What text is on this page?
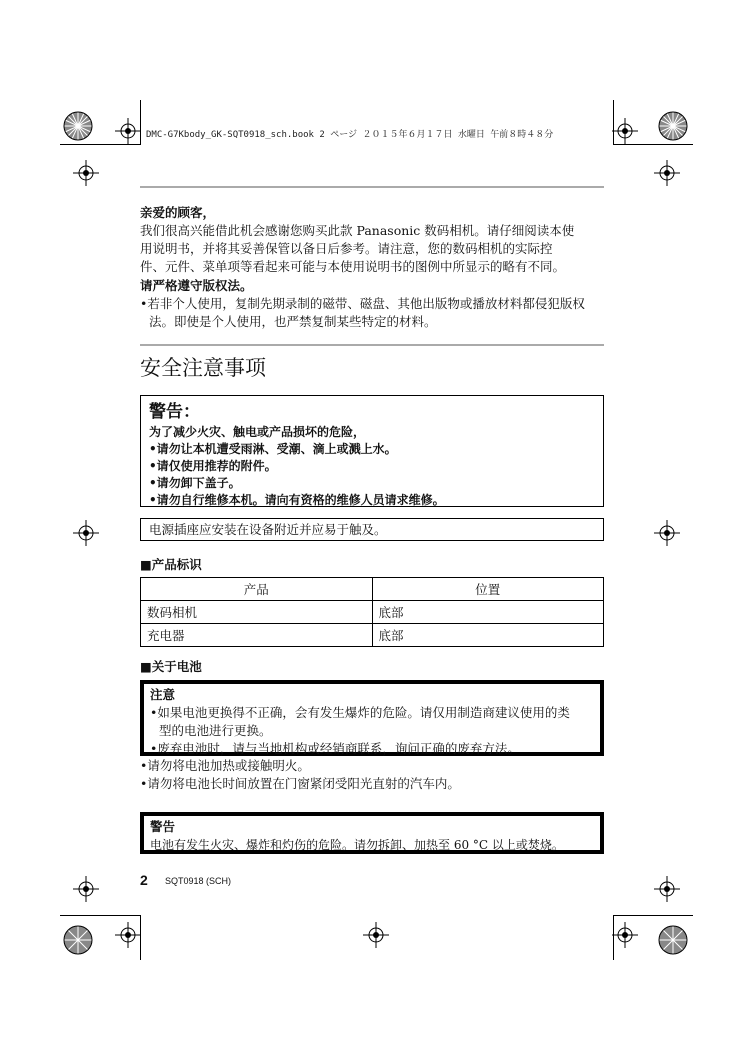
DMC-G7Kbody_GK-SQT0918_sch.book 2 ページ ２０１５年６月１７日 水曜日 午前８時４８分
亲爱的顾客，
我们很高兴能借此机会感谢您购买此款 Panasonic 数码相机。请仔细阅读本使
用说明书，并将其妥善保管以备日后参考。请注意，您的数码相机的实际控
件、元件、菜单项等看起来可能与本使用说明书的图例中所显示的略有不同。
请严格遵守版权法。
•若非个人使用，复制先期录制的磁带、磁盘、其他出版物或播放材料都侵犯版权
法。即使是个人使用，也严禁复制某些特定的材料。
安全注意事项
警告：
为了减少火灾、触电或产品损坏的危险，
•请勿让本机遭受雨淋、受潮、滴上或溅上水。
•请仅使用推荐的附件。
•请勿卸下盖子。
•请勿自行维修本机。请向有资格的维修人员请求维修。
电源插座应安装在设备附近并应易于触及。
■产品标识
产品	位置
数码相机	底部
充电器	底部
■关于电池
注意
•如果电池更换得不正确，会有发生爆炸的危险。请仅用制造商建议使用的类
型的电池进行更换。
•废弃电池时，请与当地机构或经销商联系，询问正确的废弃方法。
•请勿将电池加热或接触明火。
•请勿将电池长时间放置在门窗紧闭受阳光直射的汽车内。
警告
电池有发生火灾、爆炸和灼伤的危险。请勿拆卸、加热至 60 °C 以上或焚烧。
2 SQT0918 (SCH)
